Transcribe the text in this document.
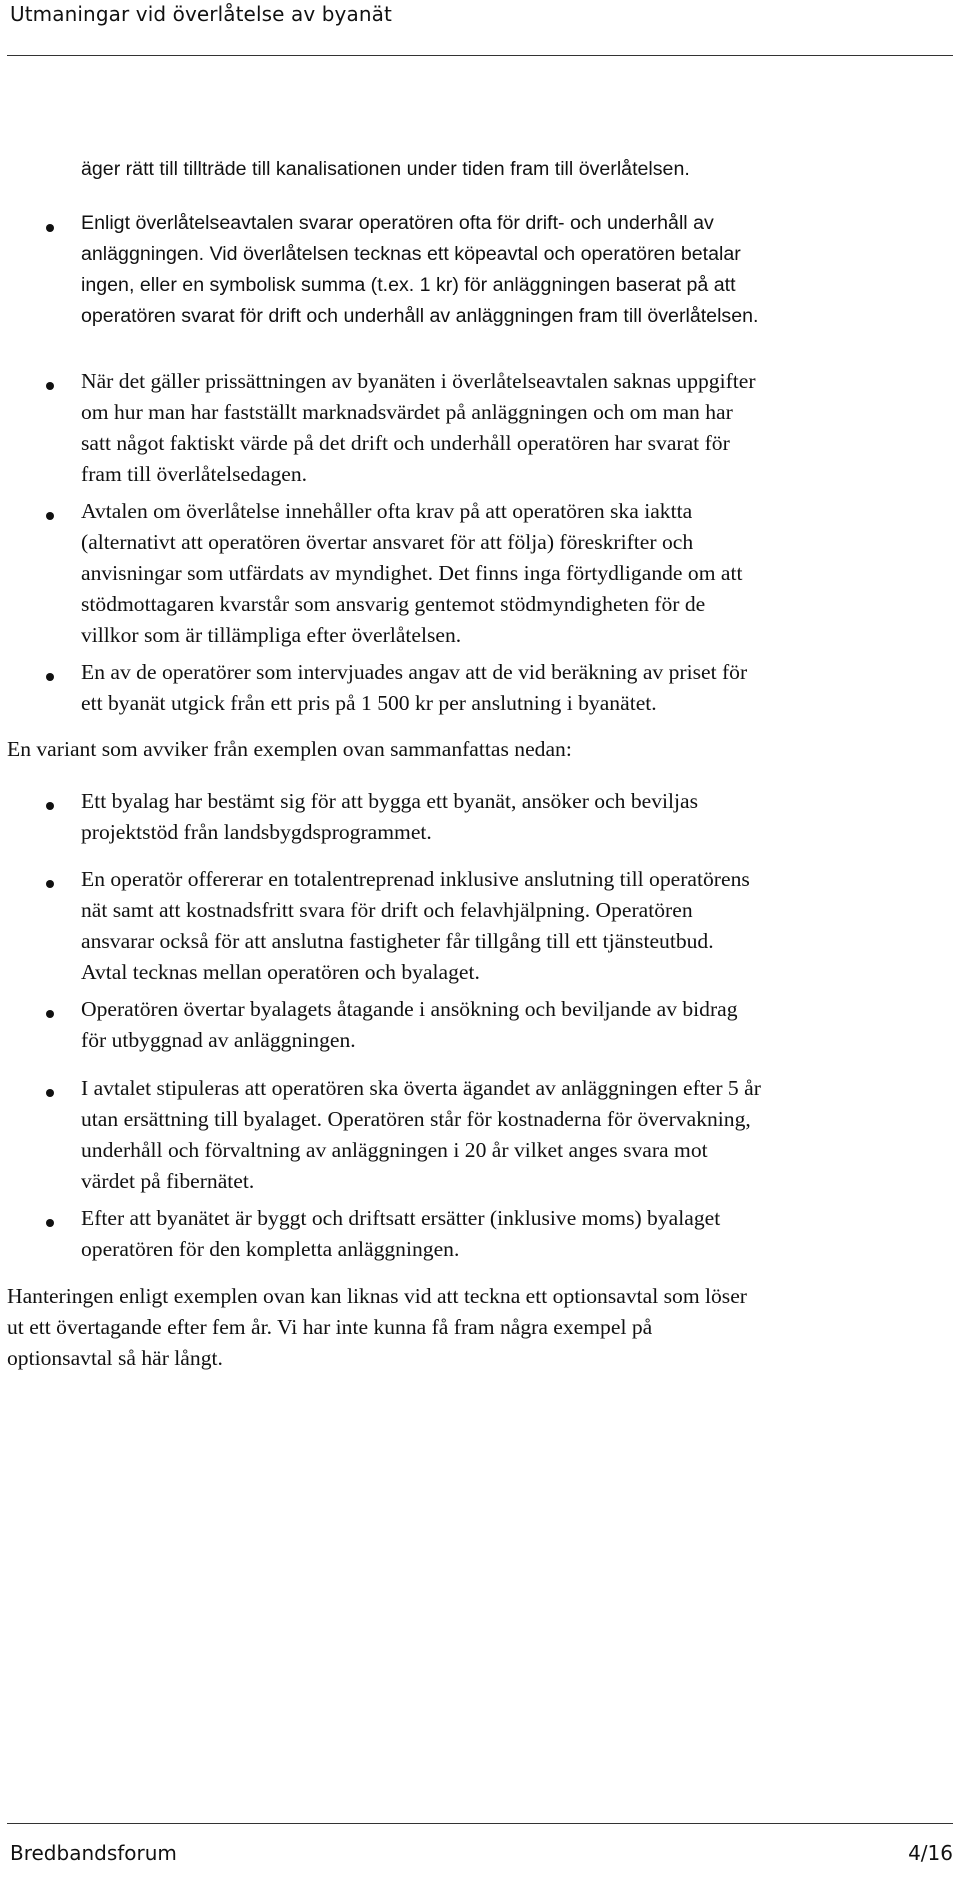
Utmaningar vid överlåtelse av byanät
äger rätt till tillträde till kanalisationen under tiden fram till överlåtelsen.
Enligt överlåtelseavtalen svarar operatören ofta för drift- och underhåll av
anläggningen. Vid överlåtelsen tecknas ett köpeavtal och operatören betalar
ingen, eller en symbolisk summa (t.ex. 1 kr) för anläggningen baserat på att
operatören svarat för drift och underhåll av anläggningen fram till överlåtelsen.
När det gäller prissättningen av byanäten i överlåtelseavtalen saknas uppgifter
om hur man har fastställt marknadsvärdet på anläggningen och om man har
satt något faktiskt värde på det drift och underhåll operatören har svarat för
fram till överlåtelsedagen.
Avtalen om överlåtelse innehåller ofta krav på att operatören ska iaktta
(alternativt att operatören övertar ansvaret för att följa) föreskrifter och
anvisningar som utfärdats av myndighet. Det finns inga förtydligande om att
stödmottagaren kvarstår som ansvarig gentemot stödmyndigheten för de
villkor som är tillämpliga efter överlåtelsen.
En av de operatörer som intervjuades angav att de vid beräkning av priset för
ett byanät utgick från ett pris på 1 500 kr per anslutning i byanätet.
En variant som avviker från exemplen ovan sammanfattas nedan:
Ett byalag har bestämt sig för att bygga ett byanät, ansöker och beviljas
projektstöd från landsbygdsprogrammet.
En operatör offererar en totalentreprenad inklusive anslutning till operatörens
nät samt att kostnadsfritt svara för drift och felavhjälpning. Operatören
ansvarar också för att anslutna fastigheter får tillgång till ett tjänsteutbud.
Avtal tecknas mellan operatören och byalaget.
Operatören övertar byalagets åtagande i ansökning och beviljande av bidrag
för utbyggnad av anläggningen.
I avtalet stipuleras att operatören ska överta ägandet av anläggningen efter 5 år
utan ersättning till byalaget. Operatören står för kostnaderna för övervakning,
underhåll och förvaltning av anläggningen i 20 år vilket anges svara mot
värdet på fibernätet.
Efter att byanätet är byggt och driftsatt ersätter (inklusive moms) byalaget
operatören för den kompletta anläggningen.
Hanteringen enligt exemplen ovan kan liknas vid att teckna ett optionsavtal som löser
ut ett övertagande efter fem år. Vi har inte kunna få fram några exempel på
optionsavtal så här långt.
Bredbandsforum	4/16
